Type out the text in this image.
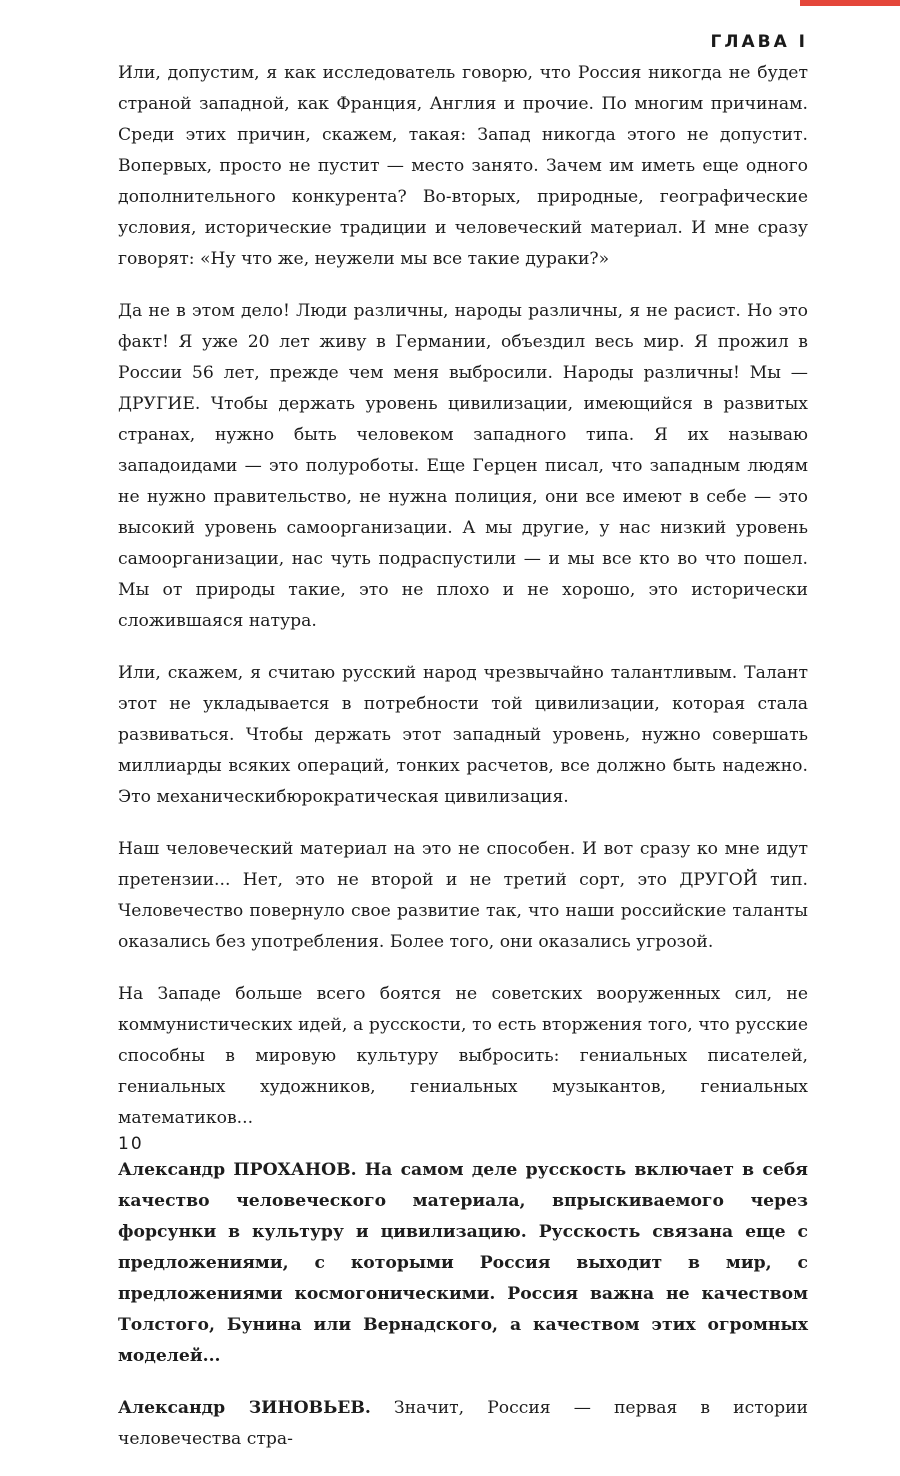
ГЛАВА I

Или, допустим, я как исследователь говорю, что Россия никогда не будет страной западной, как Франция, Англия и прочие. По многим причинам. Среди этих причин, скажем, такая: Запад никогда этого не допустит. Вопервых, просто не пустит — место занято. Зачем им иметь еще одного дополнительного конкурента? Во-вторых, природные, географические условия, исторические традиции и человеческий материал. И мне сразу говорят: «Ну что же, неужели мы все такие дураки?»

Да не в этом дело! Люди различны, народы различны, я не расист. Но это факт! Я уже 20 лет живу в Германии, объездил весь мир. Я прожил в России 56 лет, прежде чем меня выбросили. Народы различны! Мы — ДРУГИЕ. Чтобы держать уровень цивилизации, имеющийся в развитых странах, нужно быть человеком западного типа. Я их называю западоидами — это полуроботы. Еще Герцен писал, что западным людям не нужно правительство, не нужна полиция, они все имеют в себе — это высокий уровень самоорганизации. А мы другие, у нас низкий уровень самоорганизации, нас чуть подраспустили — и мы все кто во что пошел. Мы от природы такие, это не плохо и не хорошо, это исторически сложившаяся натура.

Или, скажем, я считаю русский народ чрезвычайно талантливым. Талант этот не укладывается в потребности той цивилизации, которая стала развиваться. Чтобы держать этот западный уровень, нужно совершать миллиарды всяких операций, тонких расчетов, все должно быть надежно. Это механическибюрократическая цивилизация.

Наш человеческий материал на это не способен. И вот сразу ко мне идут претензии... Нет, это не второй и не третий сорт, это ДРУГОЙ тип. Человечество повернуло свое развитие так, что наши российские таланты оказались без употребления. Более того, они оказались угрозой.

На Западе больше всего боятся не советских вооруженных сил, не коммунистических идей, а русскости, то есть вторжения того, что русские способны в мировую культуру выбросить: гениальных писателей, гениальных художников, гениальных музыкантов, гениальных математиков...

Александр ПРОХАНОВ. На самом деле русскость включает в себя качество человеческого материала, впрыскиваемого через форсунки в культуру и цивилизацию. Русскость связана еще с предложениями, с которыми Россия выходит в мир, с предложениями космогоническими. Россия важна не качеством Толстого, Бунина или Вернадского, а качеством этих огромных моделей...

Александр ЗИНОВЬЕВ. Значит, Россия — первая в истории человечества стра-

10
